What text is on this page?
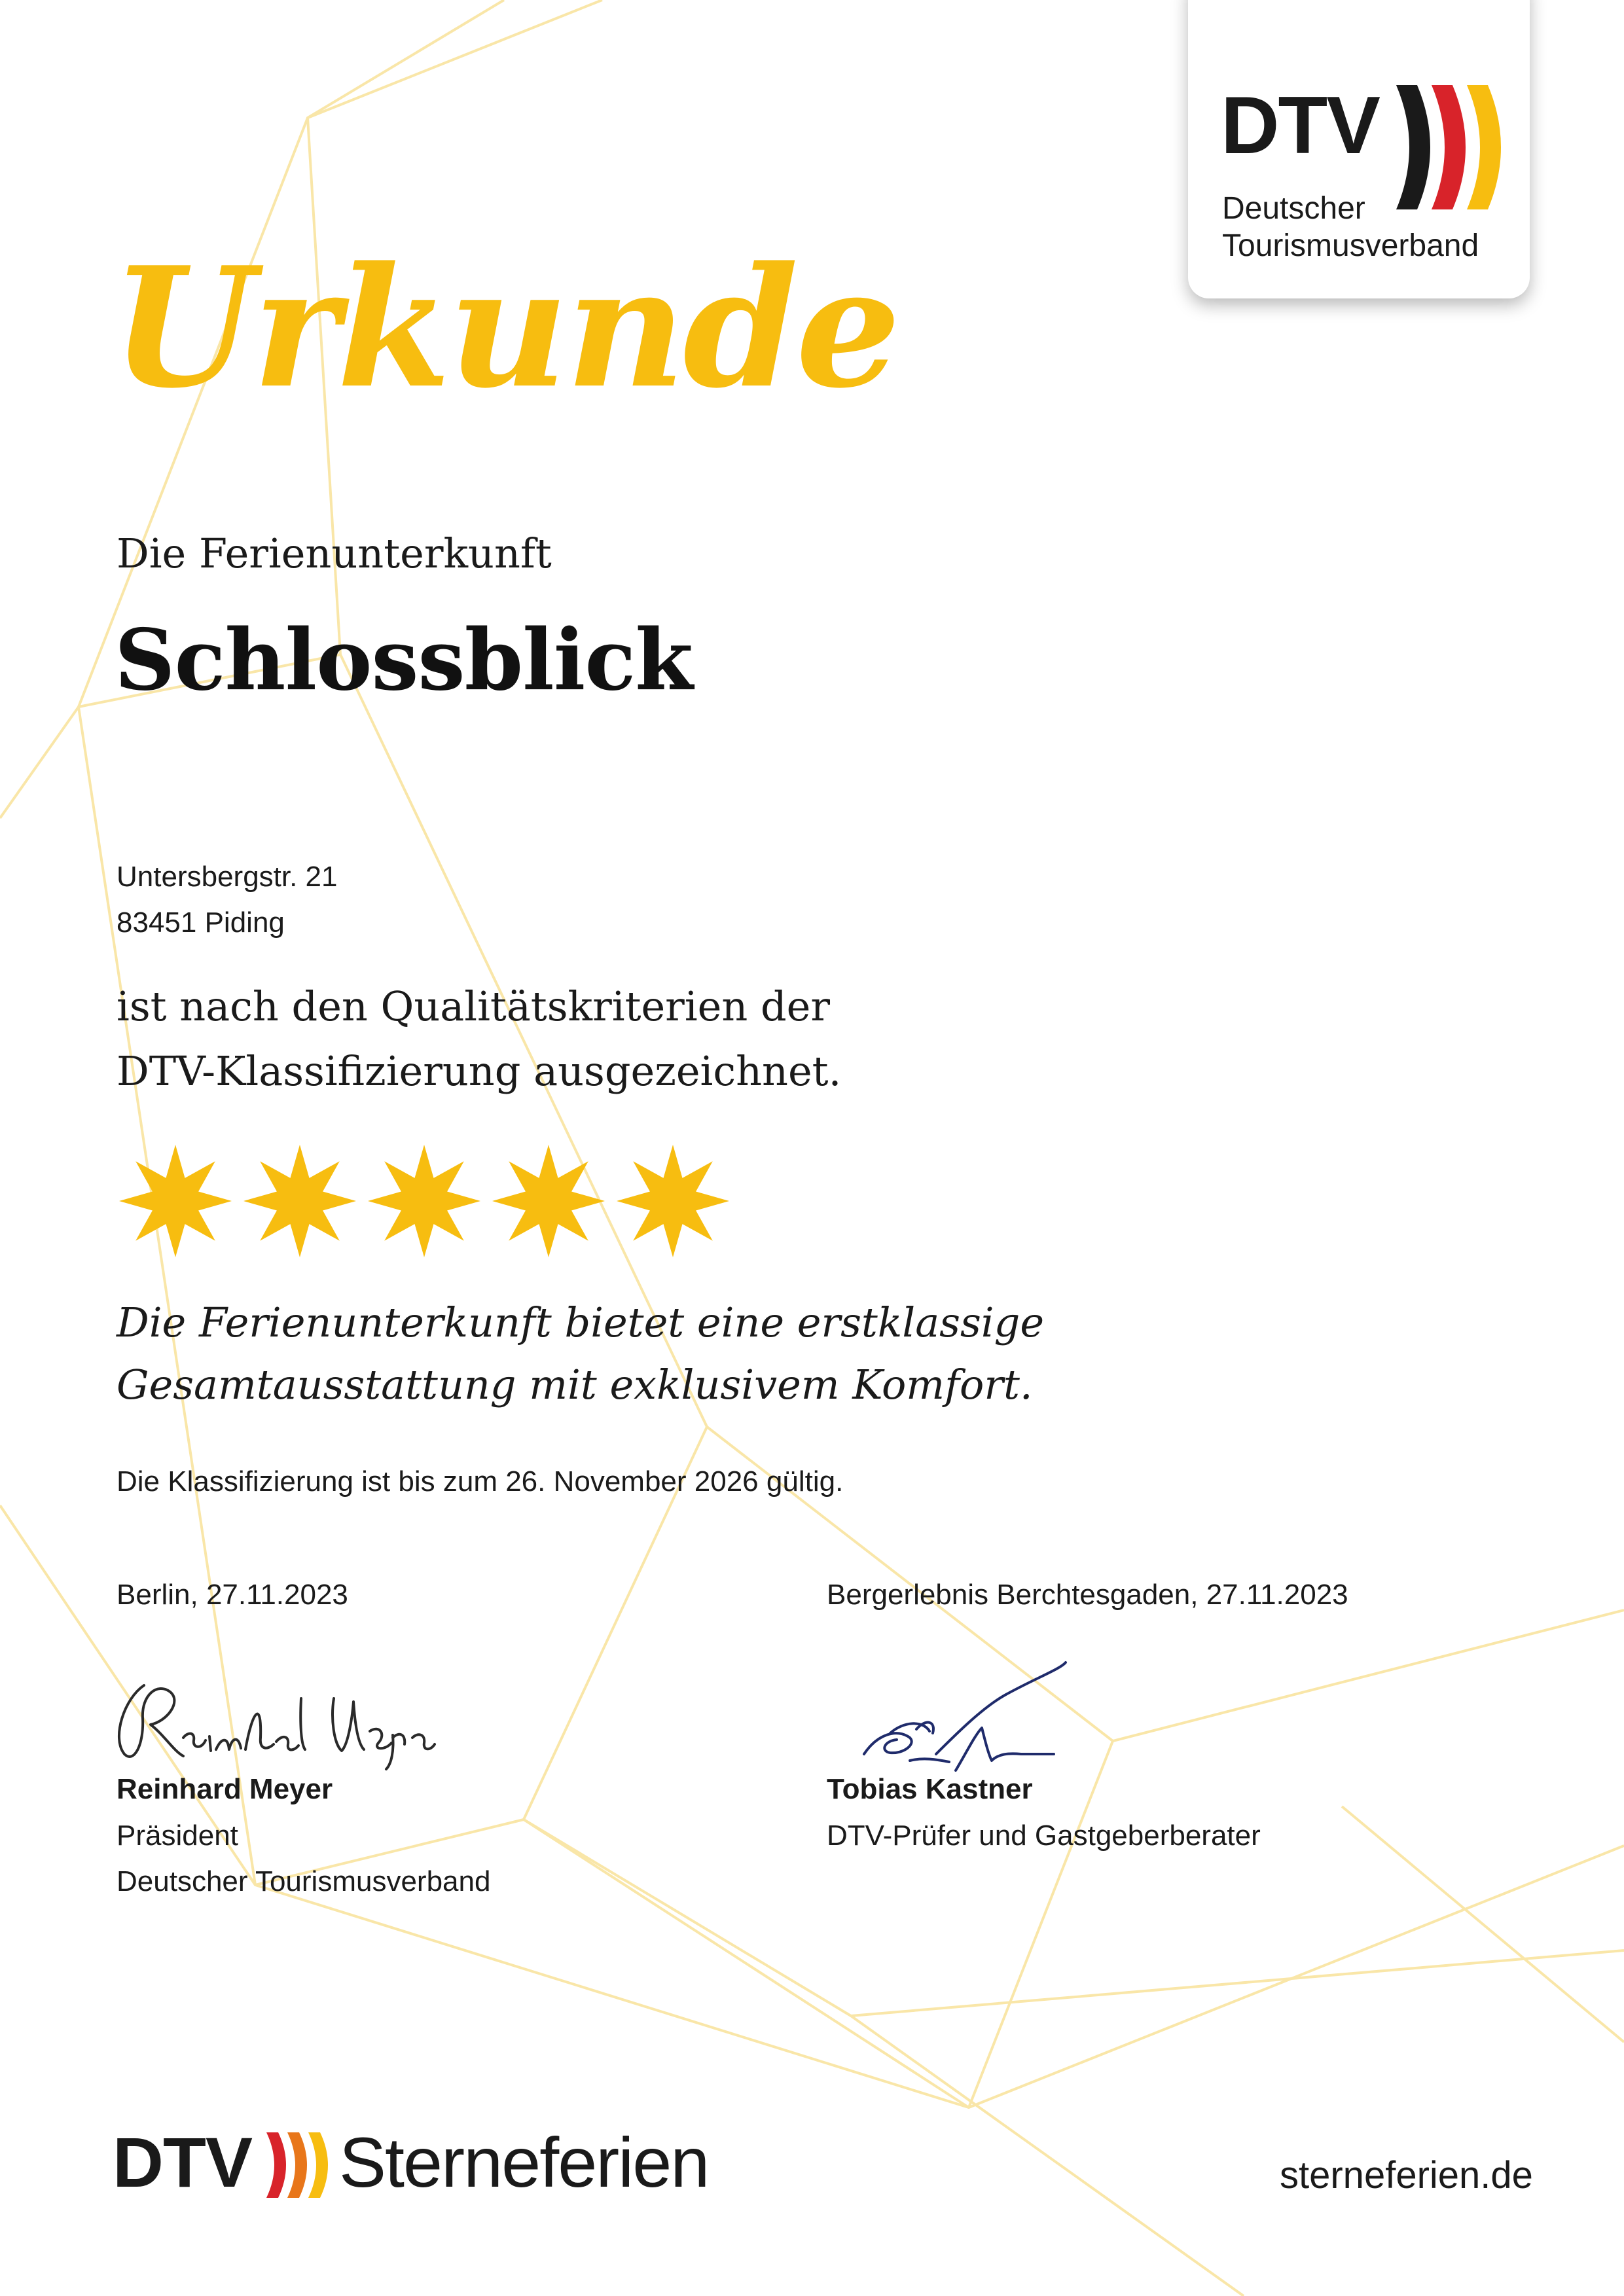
DTV
Deutscher
Tourismusverband
Urkunde
Die Ferienunterkunft
Schlossblick
Untersbergstr. 21
83451 Piding
ist nach den Qualitätskriterien der
DTV-Klassifizierung ausgezeichnet.
Die Ferienunterkunft bietet eine erstklassige
Gesamtausstattung mit exklusivem Komfort.
Die Klassifizierung ist bis zum 26. November 2026 gültig.
Berlin, 27.11.2023	Bergerlebnis Berchtesgaden, 27.11.2023
Reinhard Meyer
Präsident
Deutscher Tourismusverband
Tobias Kastner
DTV-Prüfer und Gastgeberberater
DTV Sterneferien	sterneferien.de
